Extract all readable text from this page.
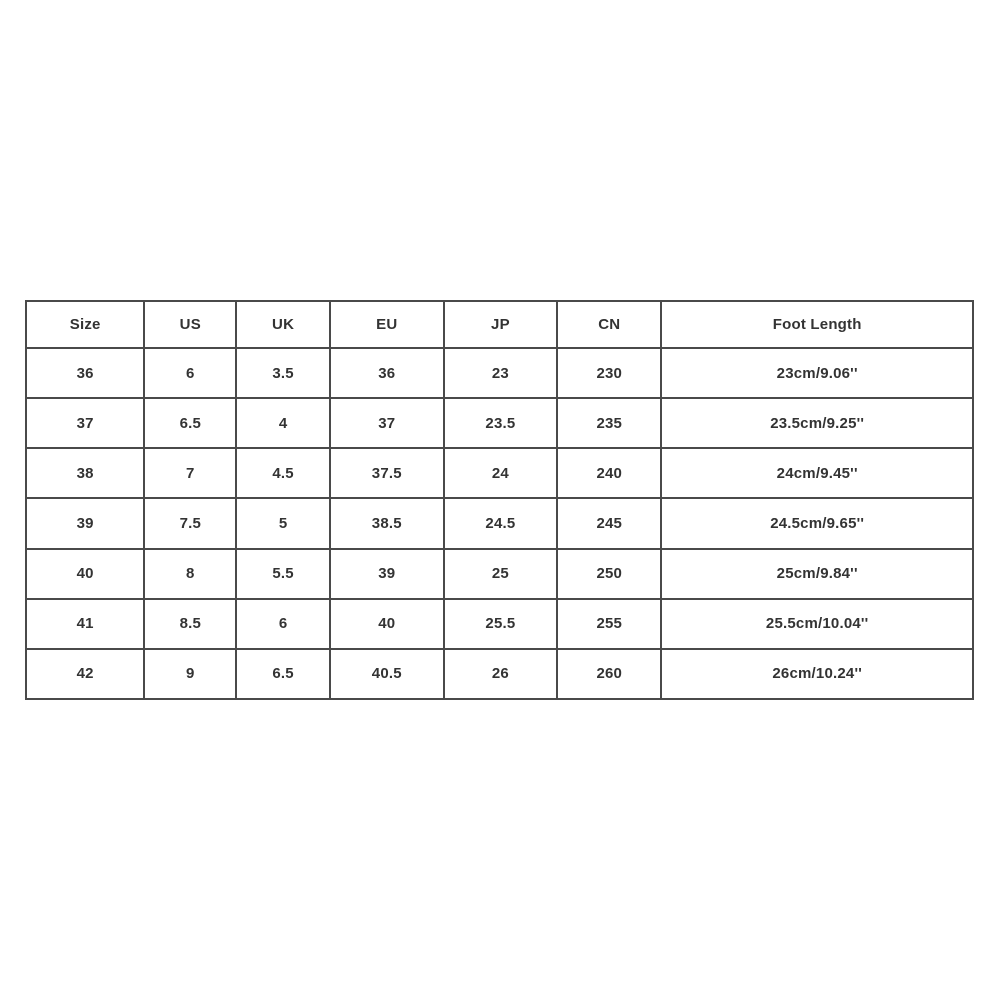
Size	US	UK	EU	JP	CN	Foot Length
36	6	3.5	36	23	230	23cm/9.06''
37	6.5	4	37	23.5	235	23.5cm/9.25''
38	7	4.5	37.5	24	240	24cm/9.45''
39	7.5	5	38.5	24.5	245	24.5cm/9.65''
40	8	5.5	39	25	250	25cm/9.84''
41	8.5	6	40	25.5	255	25.5cm/10.04''
42	9	6.5	40.5	26	260	26cm/10.24''
